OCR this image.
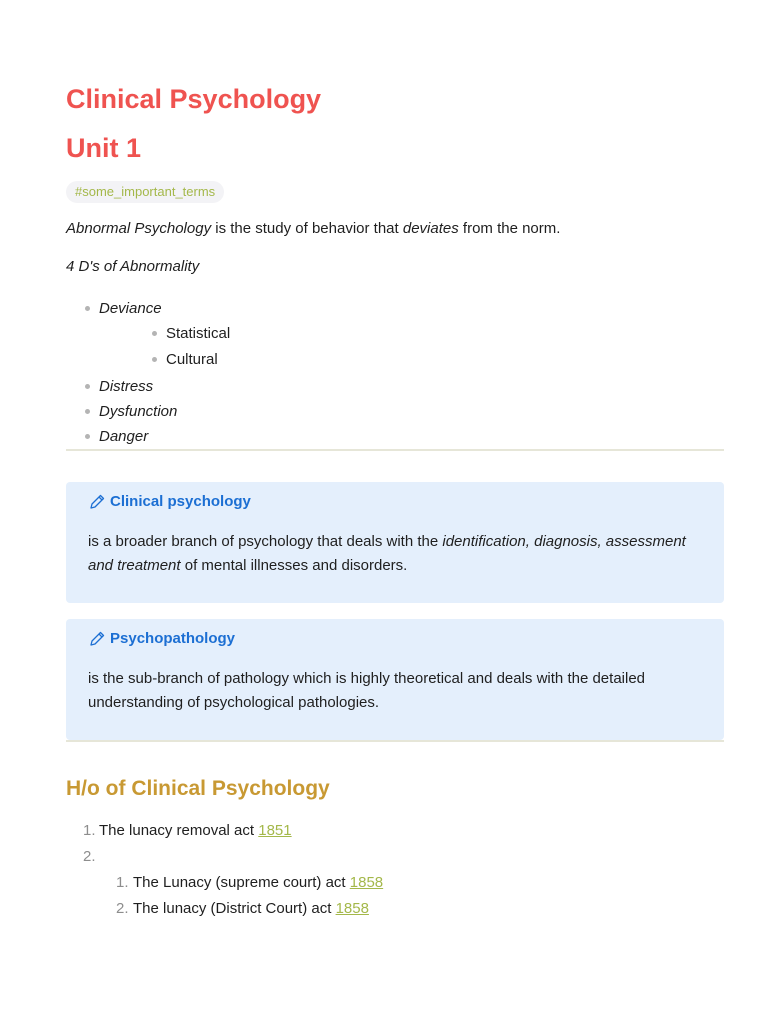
Clinical Psychology
Unit 1
#some_important_terms

Abnormal Psychology is the study of behavior that deviates from the norm.

4 D's of Abnormality

Deviance
Statistical
Cultural
Distress
Dysfunction
Danger
Clinical psychology

is a broader branch of psychology that deals with the identification, diagnosis, assessment and treatment of mental illnesses and disorders.

Psychopathology

is the sub-branch of pathology which is highly theoretical and deals with the detailed understanding of psychological pathologies.

H/o of Clinical Psychology
1. The lunacy removal act 1851
2.

1. The Lunacy (supreme court) act 1858
2. The lunacy (District Court) act 1858
